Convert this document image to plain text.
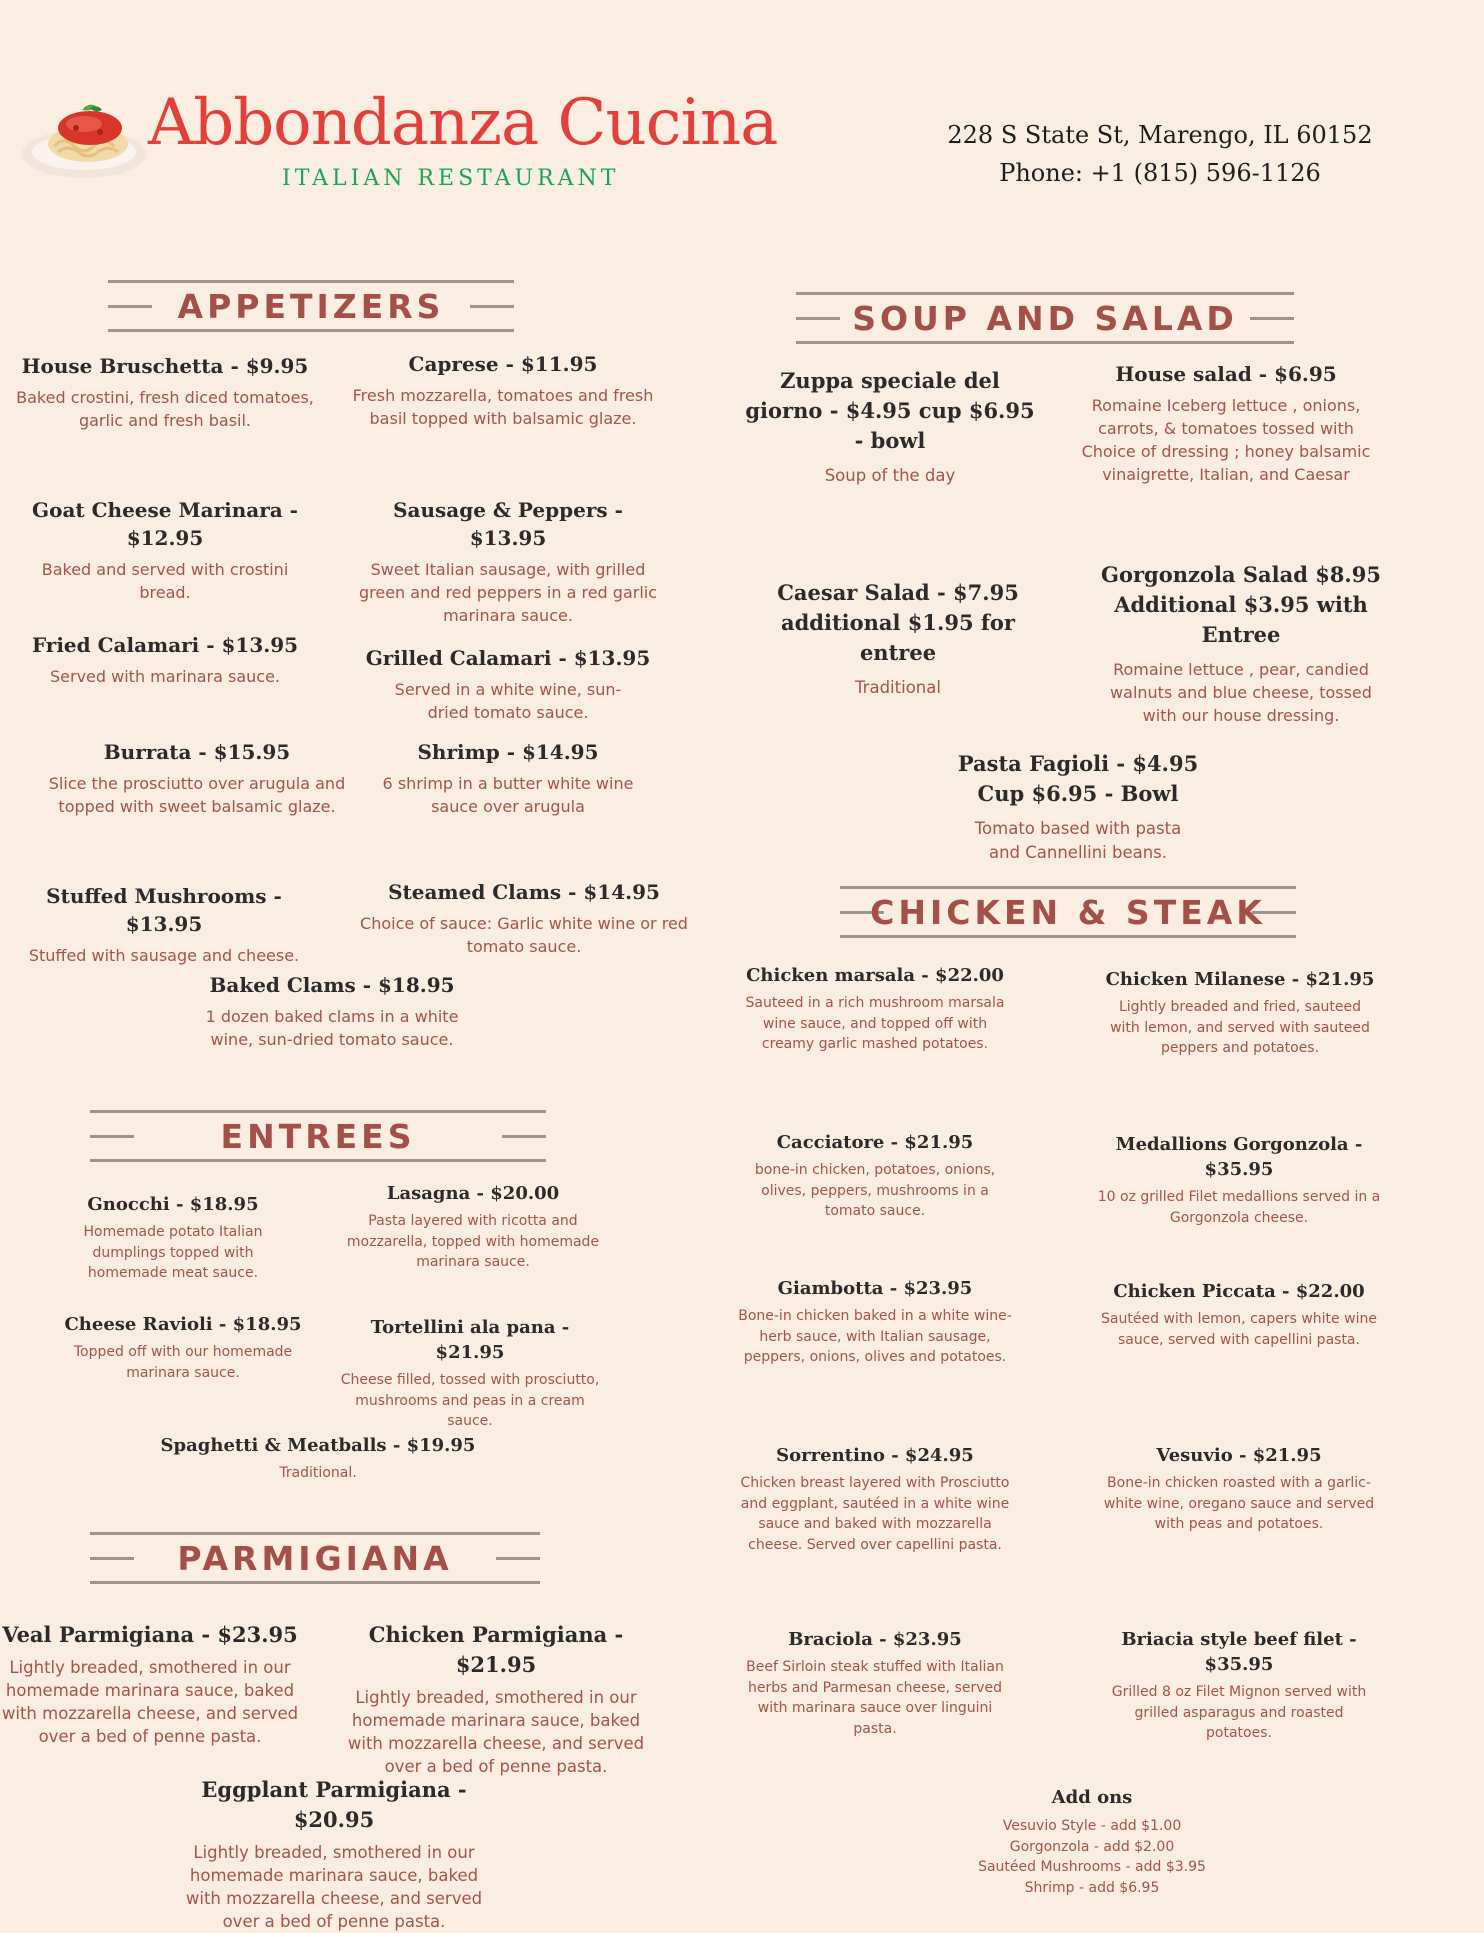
Abbondanza Cucina
ITALIAN RESTAURANT
228 S State St, Marengo, IL 60152
Phone: +1 (815) 596-1126
APPETIZERS
House Bruschetta - $9.95
Baked crostini, fresh diced tomatoes, garlic and fresh basil.
Caprese - $11.95
Fresh mozzarella, tomatoes and fresh basil topped with balsamic glaze.
Goat Cheese Marinara - $12.95
Baked and served with crostini bread.
Sausage & Peppers - $13.95
Sweet Italian sausage, with grilled green and red peppers in a red garlic marinara sauce.
Fried Calamari - $13.95
Served with marinara sauce.
Grilled Calamari - $13.95
Served in a white wine, sun-dried tomato sauce.
Burrata - $15.95
Slice the prosciutto over arugula and topped with sweet balsamic glaze.
Shrimp - $14.95
6 shrimp in a butter white wine sauce over arugula
Stuffed Mushrooms - $13.95
Stuffed with sausage and cheese.
Steamed Clams - $14.95
Choice of sauce: Garlic white wine or red tomato sauce.
Baked Clams - $18.95
1 dozen baked clams in a white wine, sun-dried tomato sauce.
SOUP AND SALAD
Zuppa speciale del giorno - $4.95 cup $6.95 - bowl
Soup of the day
House salad - $6.95
Romaine Iceberg lettuce , onions, carrots, & tomatoes tossed with Choice of dressing ; honey balsamic vinaigrette, Italian, and Caesar
Caesar Salad - $7.95 additional $1.95 for entree
Traditional
Gorgonzola Salad $8.95 Additional $3.95 with Entree
Romaine lettuce , pear, candied walnuts and blue cheese, tossed with our house dressing.
Pasta Fagioli - $4.95 Cup $6.95 - Bowl
Tomato based with pasta and Cannellini beans.
CHICKEN & STEAK
Chicken marsala - $22.00
Sauteed in a rich mushroom marsala wine sauce, and topped off with creamy garlic mashed potatoes.
Chicken Milanese - $21.95
Lightly breaded and fried, sauteed with lemon, and served with sauteed peppers and potatoes.
Cacciatore - $21.95
bone-in chicken, potatoes, onions, olives, peppers, mushrooms in a tomato sauce.
Medallions Gorgonzola - $35.95
10 oz grilled Filet medallions served in a Gorgonzola cheese.
Giambotta - $23.95
Bone-in chicken baked in a white wine-herb sauce, with Italian sausage, peppers, onions, olives and potatoes.
Chicken Piccata - $22.00
Sautéed with lemon, capers white wine sauce, served with capellini pasta.
Sorrentino - $24.95
Chicken breast layered with Prosciutto and eggplant, sautéed in a white wine sauce and baked with mozzarella cheese. Served over capellini pasta.
Vesuvio - $21.95
Bone-in chicken roasted with a garlic-white wine, oregano sauce and served with peas and potatoes.
Braciola - $23.95
Beef Sirloin steak stuffed with Italian herbs and Parmesan cheese, served with marinara sauce over linguini pasta.
Briacia style beef filet - $35.95
Grilled 8 oz Filet Mignon served with grilled asparagus and roasted potatoes.
Add ons
Vesuvio Style - add $1.00
Gorgonzola - add $2.00
Sautéed Mushrooms - add $3.95
Shrimp - add $6.95
ENTREES
Gnocchi - $18.95
Homemade potato Italian dumplings topped with homemade meat sauce.
Lasagna - $20.00
Pasta layered with ricotta and mozzarella, topped with homemade marinara sauce.
Cheese Ravioli - $18.95
Topped off with our homemade marinara sauce.
Tortellini ala pana - $21.95
Cheese filled, tossed with prosciutto, mushrooms and peas in a cream sauce.
Spaghetti & Meatballs - $19.95
Traditional.
PARMIGIANA
Veal Parmigiana - $23.95
Lightly breaded, smothered in our homemade marinara sauce, baked with mozzarella cheese, and served over a bed of penne pasta.
Chicken Parmigiana - $21.95
Lightly breaded, smothered in our homemade marinara sauce, baked with mozzarella cheese, and served over a bed of penne pasta.
Eggplant Parmigiana - $20.95
Lightly breaded, smothered in our homemade marinara sauce, baked with mozzarella cheese, and served over a bed of penne pasta.
